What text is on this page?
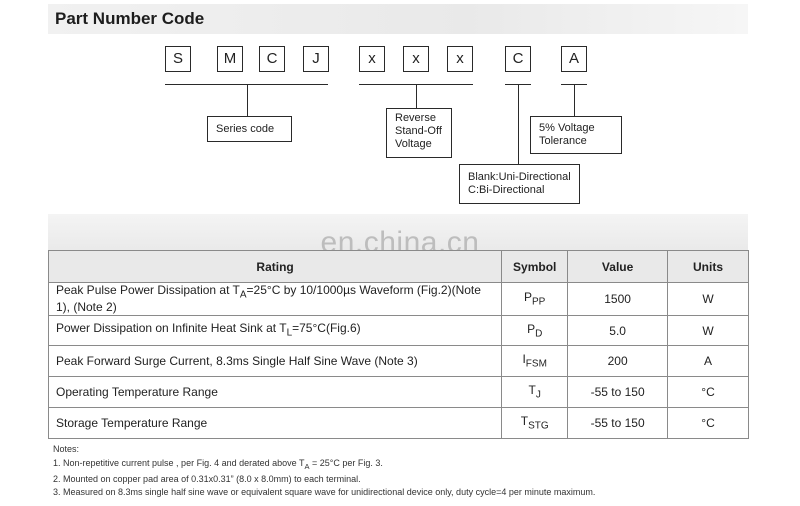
Part Number Code
S	M	C	J	x	x	x	C	A
Series code
Reverse
Stand-Off
Voltage
5% Voltage
Tolerance
Blank:Uni-Directional
C:Bi-Directional
en.china.cn
Rating	Symbol	Value	Units
Peak Pulse Power Dissipation at $T_A=25^\circ C$ by 10/1000µs Waveform (Fig.2)(Note 1), (Note 2)	$P_{PP}$	1500	W
Power Dissipation on Infinite Heat Sink at $T_L=75^\circ C(Fig.6)$	$P_D$	5.0	W
Peak Forward Surge Current, 8.3ms Single Half Sine Wave (Note 3)	$I_{FSM}$	200	A
Operating Temperature Range	$T_J$	-55 to 150	°C
Storage Temperature Range	$T_{STG}$	-55 to 150	°C
Notes:
1. Non-repetitive current pulse , per Fig. 4 and derated above $T_A = 25^\circ C$ per Fig. 3.
2. Mounted on copper pad area of 0.31x0.31” (8.0 x 8.0mm) to each terminal.
3. Measured on 8.3ms single half sine wave or equivalent square wave for unidirectional device only, duty cycle=4 per minute maximum.
